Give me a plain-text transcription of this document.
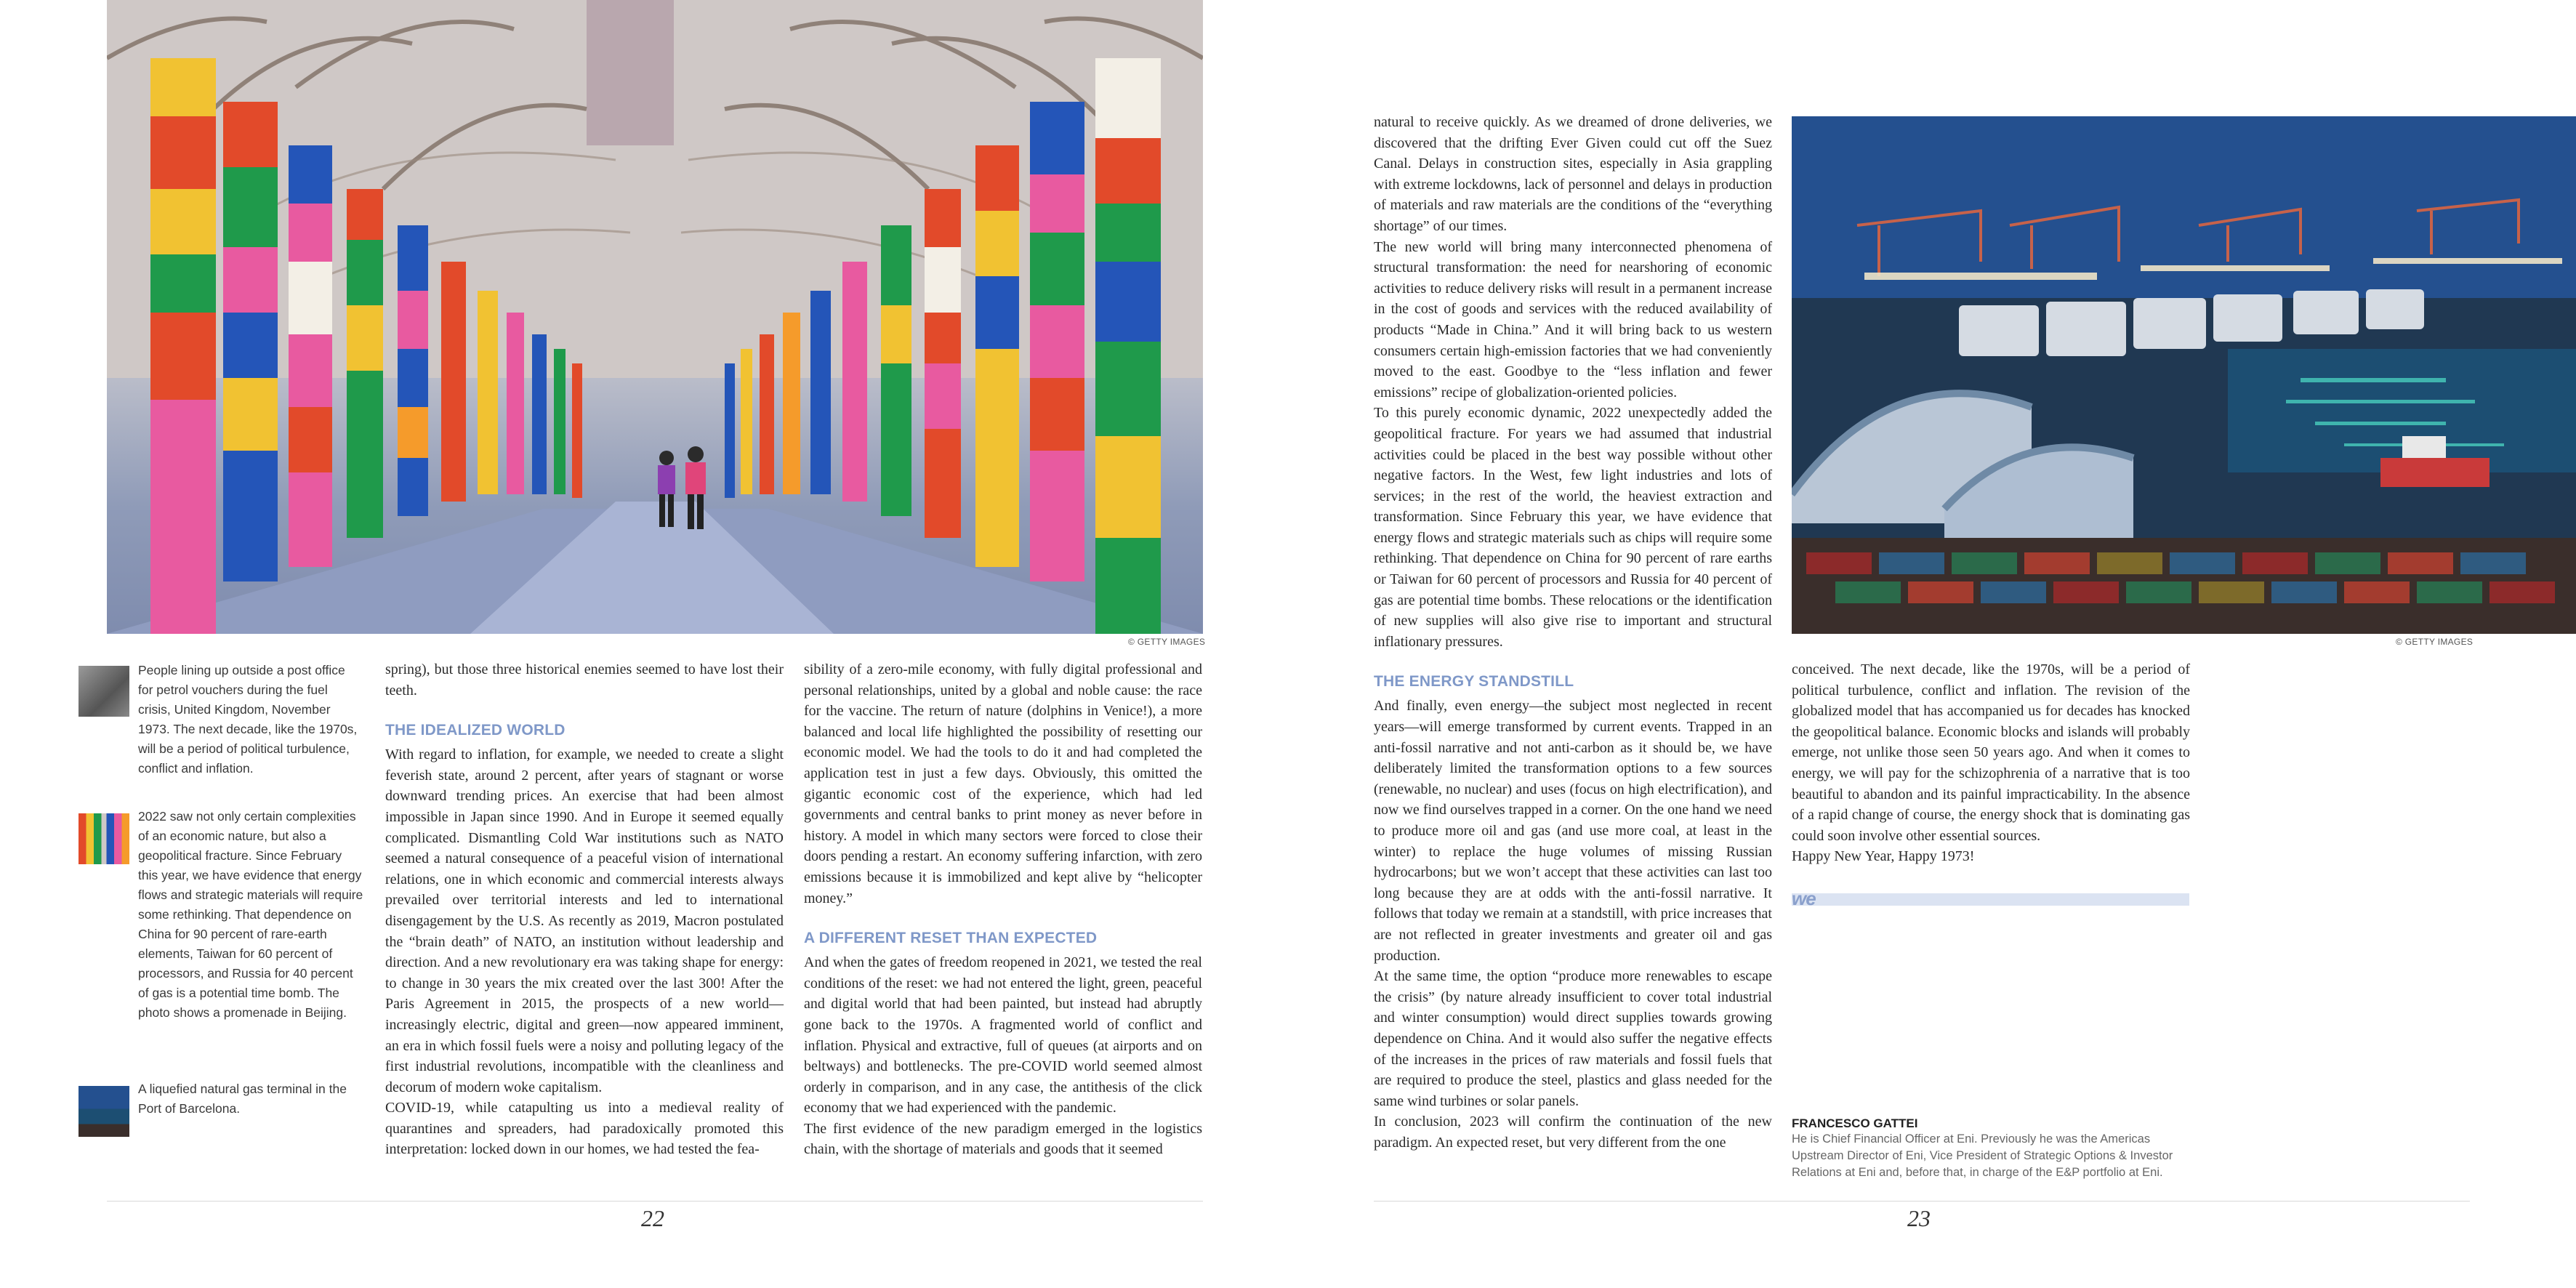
© GETTY IMAGES	© GETTY IMAGES

People lining up outside a post office for petrol vouchers during the fuel crisis, United Kingdom, November 1973. The next decade, like the 1970s, will be a period of political turbulence, conflict and inflation.

2022 saw not only certain complexities of an economic nature, but also a geopolitical fracture. Since February this year, we have evidence that energy flows and strategic materials will require some rethinking. That dependence on China for 90 percent of rare-earth elements, Taiwan for 60 percent of processors, and Russia for 40 percent of gas is a potential time bomb. The photo shows a promenade in Beijing.

A liquefied natural gas terminal in the Port of Barcelona.

spring), but those three historical enemies seemed to have lost their teeth.

THE IDEALIZED WORLD

With regard to inflation, for example, we needed to create a slight feverish state, around 2 percent, after years of stagnant or worse downward trending prices. An exercise that had been almost impossible in Japan since 1990. And in Europe it seemed equally complicated. Dismantling Cold War institutions such as NATO seemed a natural consequence of a peaceful vision of international relations, one in which economic and commercial interests always prevailed over territorial interests and led to international disengagement by the U.S. As recently as 2019, Macron postulated the “brain death” of NATO, an institution without leadership and direction. And a new revolutionary era was taking shape for energy: to change in 30 years the mix created over the last 300! After the Paris Agreement in 2015, the prospects of a new world—increasingly electric, digital and green—now appeared imminent, an era in which fossil fuels were a noisy and polluting legacy of the first industrial revolutions, incompatible with the cleanliness and decorum of modern woke capitalism.

COVID-19, while catapulting us into a medieval reality of quarantines and spreaders, had paradoxically promoted this interpretation: locked down in our homes, we had tested the fea-

sibility of a zero-mile economy, with fully digital professional and personal relationships, united by a global and noble cause: the race for the vaccine. The return of nature (dolphins in Venice!), a more balanced and local life highlighted the possibility of resetting our economic model. We had the tools to do it and had completed the application test in just a few days. Obviously, this omitted the gigantic economic cost of the experience, which had led governments and central banks to print money as never before in history. A model in which many sectors were forced to close their doors pending a restart. An economy suffering infarction, with zero emissions because it is immobilized and kept alive by “helicopter money.”

A DIFFERENT RESET THAN EXPECTED

And when the gates of freedom reopened in 2021, we tested the real conditions of the reset: we had not entered the light, green, peaceful and digital world that had been painted, but instead had abruptly gone back to the 1970s. A fragmented world of conflict and inflation. Physical and extractive, full of queues (at airports and on beltways) and bottlenecks. The pre-COVID world seemed almost orderly in comparison, and in any case, the antithesis of the click economy that we had experienced with the pandemic.

The first evidence of the new paradigm emerged in the logistics chain, with the shortage of materials and goods that it seemed

natural to receive quickly. As we dreamed of drone deliveries, we discovered that the drifting Ever Given could cut off the Suez Canal. Delays in construction sites, especially in Asia grappling with extreme lockdowns, lack of personnel and delays in production of materials and raw materials are the conditions of the “everything shortage” of our times.

The new world will bring many interconnected phenomena of structural transformation: the need for nearshoring of economic activities to reduce delivery risks will result in a permanent increase in the cost of goods and services with the reduced availability of products “Made in China.” And it will bring back to us western consumers certain high-emission factories that we had conveniently moved to the east. Goodbye to the “less inflation and fewer emissions” recipe of globalization-oriented policies.

To this purely economic dynamic, 2022 unexpectedly added the geopolitical fracture. For years we had assumed that industrial activities could be placed in the best way possible without other negative factors. In the West, few light industries and lots of services; in the rest of the world, the heaviest extraction and transformation. Since February this year, we have evidence that energy flows and strategic materials such as chips will require some rethinking. That dependence on China for 90 percent of rare earths or Taiwan for 60 percent of processors and Russia for 40 percent of gas are potential time bombs. These relocations or the identification of new supplies will also give rise to important and structural inflationary pressures.

THE ENERGY STANDSTILL

And finally, even energy—the subject most neglected in recent years—will emerge transformed by current events. Trapped in an anti-fossil narrative and not anti-carbon as it should be, we have deliberately limited the transformation options to a few sources (renewable, no nuclear) and uses (focus on high electrification), and now we find ourselves trapped in a corner. On the one hand we need to produce more oil and gas (and use more coal, at least in the winter) to replace the huge volumes of missing Russian hydrocarbons; but we won’t accept that these activities can last too long because they are at odds with the anti-fossil narrative. It follows that today we remain at a standstill, with price increases that are not reflected in greater investments and greater oil and gas production.

At the same time, the option “produce more renewables to escape the crisis” (by nature already insufficient to cover total industrial and winter consumption) would direct supplies towards growing dependence on China. And it would also suffer the negative effects of the increases in the prices of raw materials and fossil fuels that are required to produce the steel, plastics and glass needed for the same wind turbines or solar panels.

In conclusion, 2023 will confirm the continuation of the new paradigm. An expected reset, but very different from the one

conceived. The next decade, like the 1970s, will be a period of political turbulence, conflict and inflation. The revision of the globalized model that has accompanied us for decades has knocked the geopolitical balance. Economic blocks and islands will probably emerge, not unlike those seen 50 years ago. And when it comes to energy, we will pay for the schizophrenia of a narrative that is too beautiful to abandon and its painful impracticability. In the absence of a rapid change of course, the energy shock that is dominating gas could soon involve other essential sources.

Happy New Year, Happy 1973!

we
FRANCESCO GATTEI

He is Chief Financial Officer at Eni. Previously he was the Americas Upstream Director of Eni, Vice President of Strategic Options & Investor Relations at Eni and, before that, in charge of the E&P portfolio at Eni.

22	23
